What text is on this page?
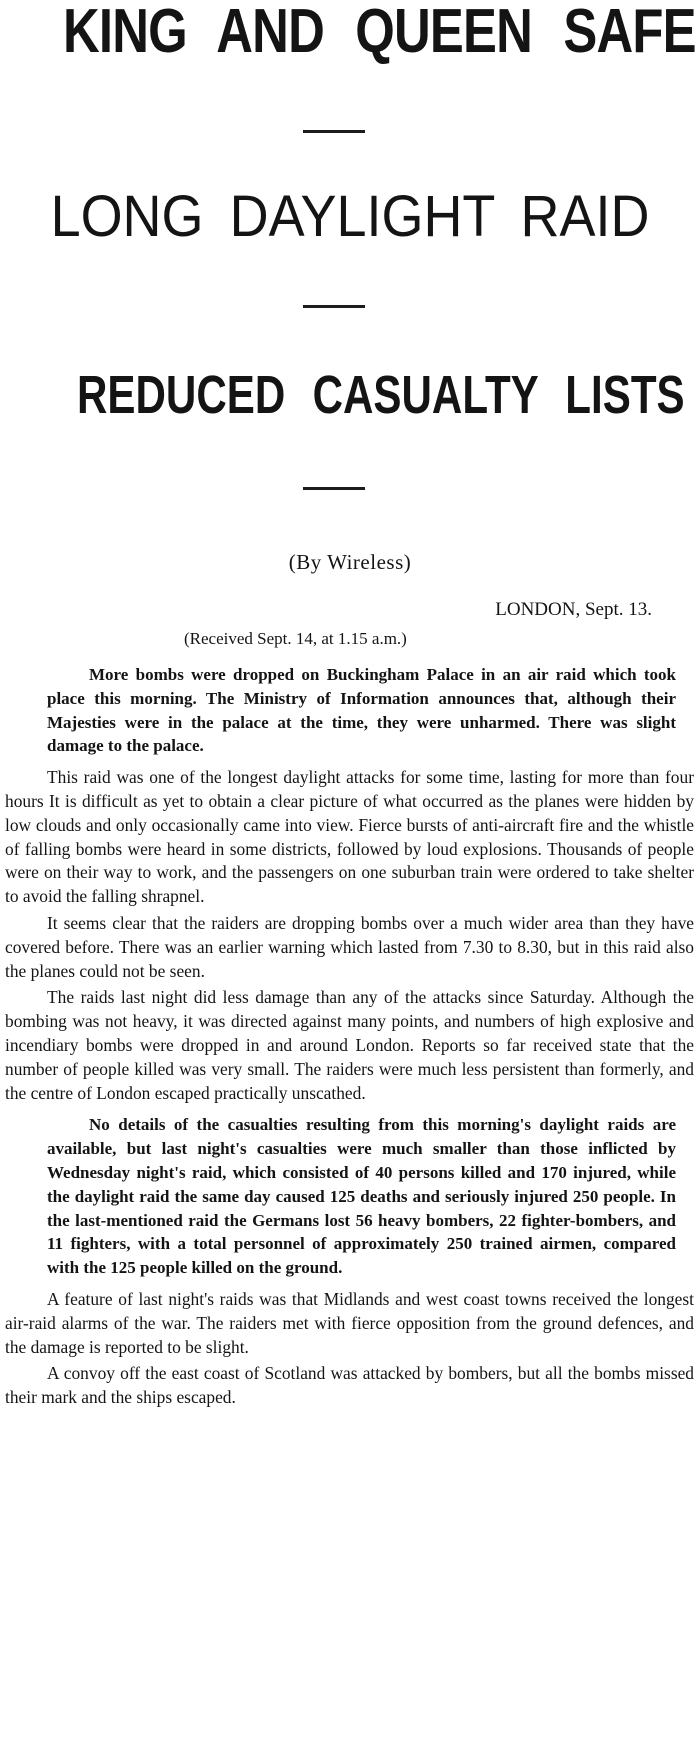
KING AND QUEEN SAFE
LONG DAYLIGHT RAID
REDUCED CASUALTY LISTS
(By Wireless)
LONDON, Sept. 13.
(Received Sept. 14, at 1.15 a.m.)

More bombs were dropped on Buckingham Palace in an air raid which took place this morning. The Ministry of Information announces that, although their Majesties were in the palace at the time, they were unharmed. There was slight damage to the palace.

This raid was one of the longest daylight attacks for some time, lasting for more than four hours It is difficult as yet to obtain a clear picture of what occurred as the planes were hidden by low clouds and only occasionally came into view. Fierce bursts of anti-aircraft fire and the whistle of falling bombs were heard in some districts, followed by loud explosions. Thousands of people were on their way to work, and the passengers on one suburban train were ordered to take shelter to avoid the falling shrapnel.

It seems clear that the raiders are dropping bombs over a much wider area than they have covered before. There was an earlier warning which lasted from 7.30 to 8.30, but in this raid also the planes could not be seen.

The raids last night did less damage than any of the attacks since Saturday. Although the bombing was not heavy, it was directed against many points, and numbers of high explosive and incendiary bombs were dropped in and around London. Reports so far received state that the number of people killed was very small. The raiders were much less persistent than formerly, and the centre of London escaped practically unscathed.

No details of the casualties resulting from this morning's daylight raids are available, but last night's casualties were much smaller than those inflicted by Wednesday night's raid, which consisted of 40 persons killed and 170 injured, while the daylight raid the same day caused 125 deaths and seriously injured 250 people. In the last-mentioned raid the Germans lost 56 heavy bombers, 22 fighter-bombers, and 11 fighters, with a total personnel of approximately 250 trained airmen, compared with the 125 people killed on the ground.

A feature of last night's raids was that Midlands and west coast towns received the longest air-raid alarms of the war. The raiders met with fierce opposition from the ground defences, and the damage is reported to be slight.

A convoy off the east coast of Scotland was attacked by bombers, but all the bombs missed their mark and the ships escaped.
